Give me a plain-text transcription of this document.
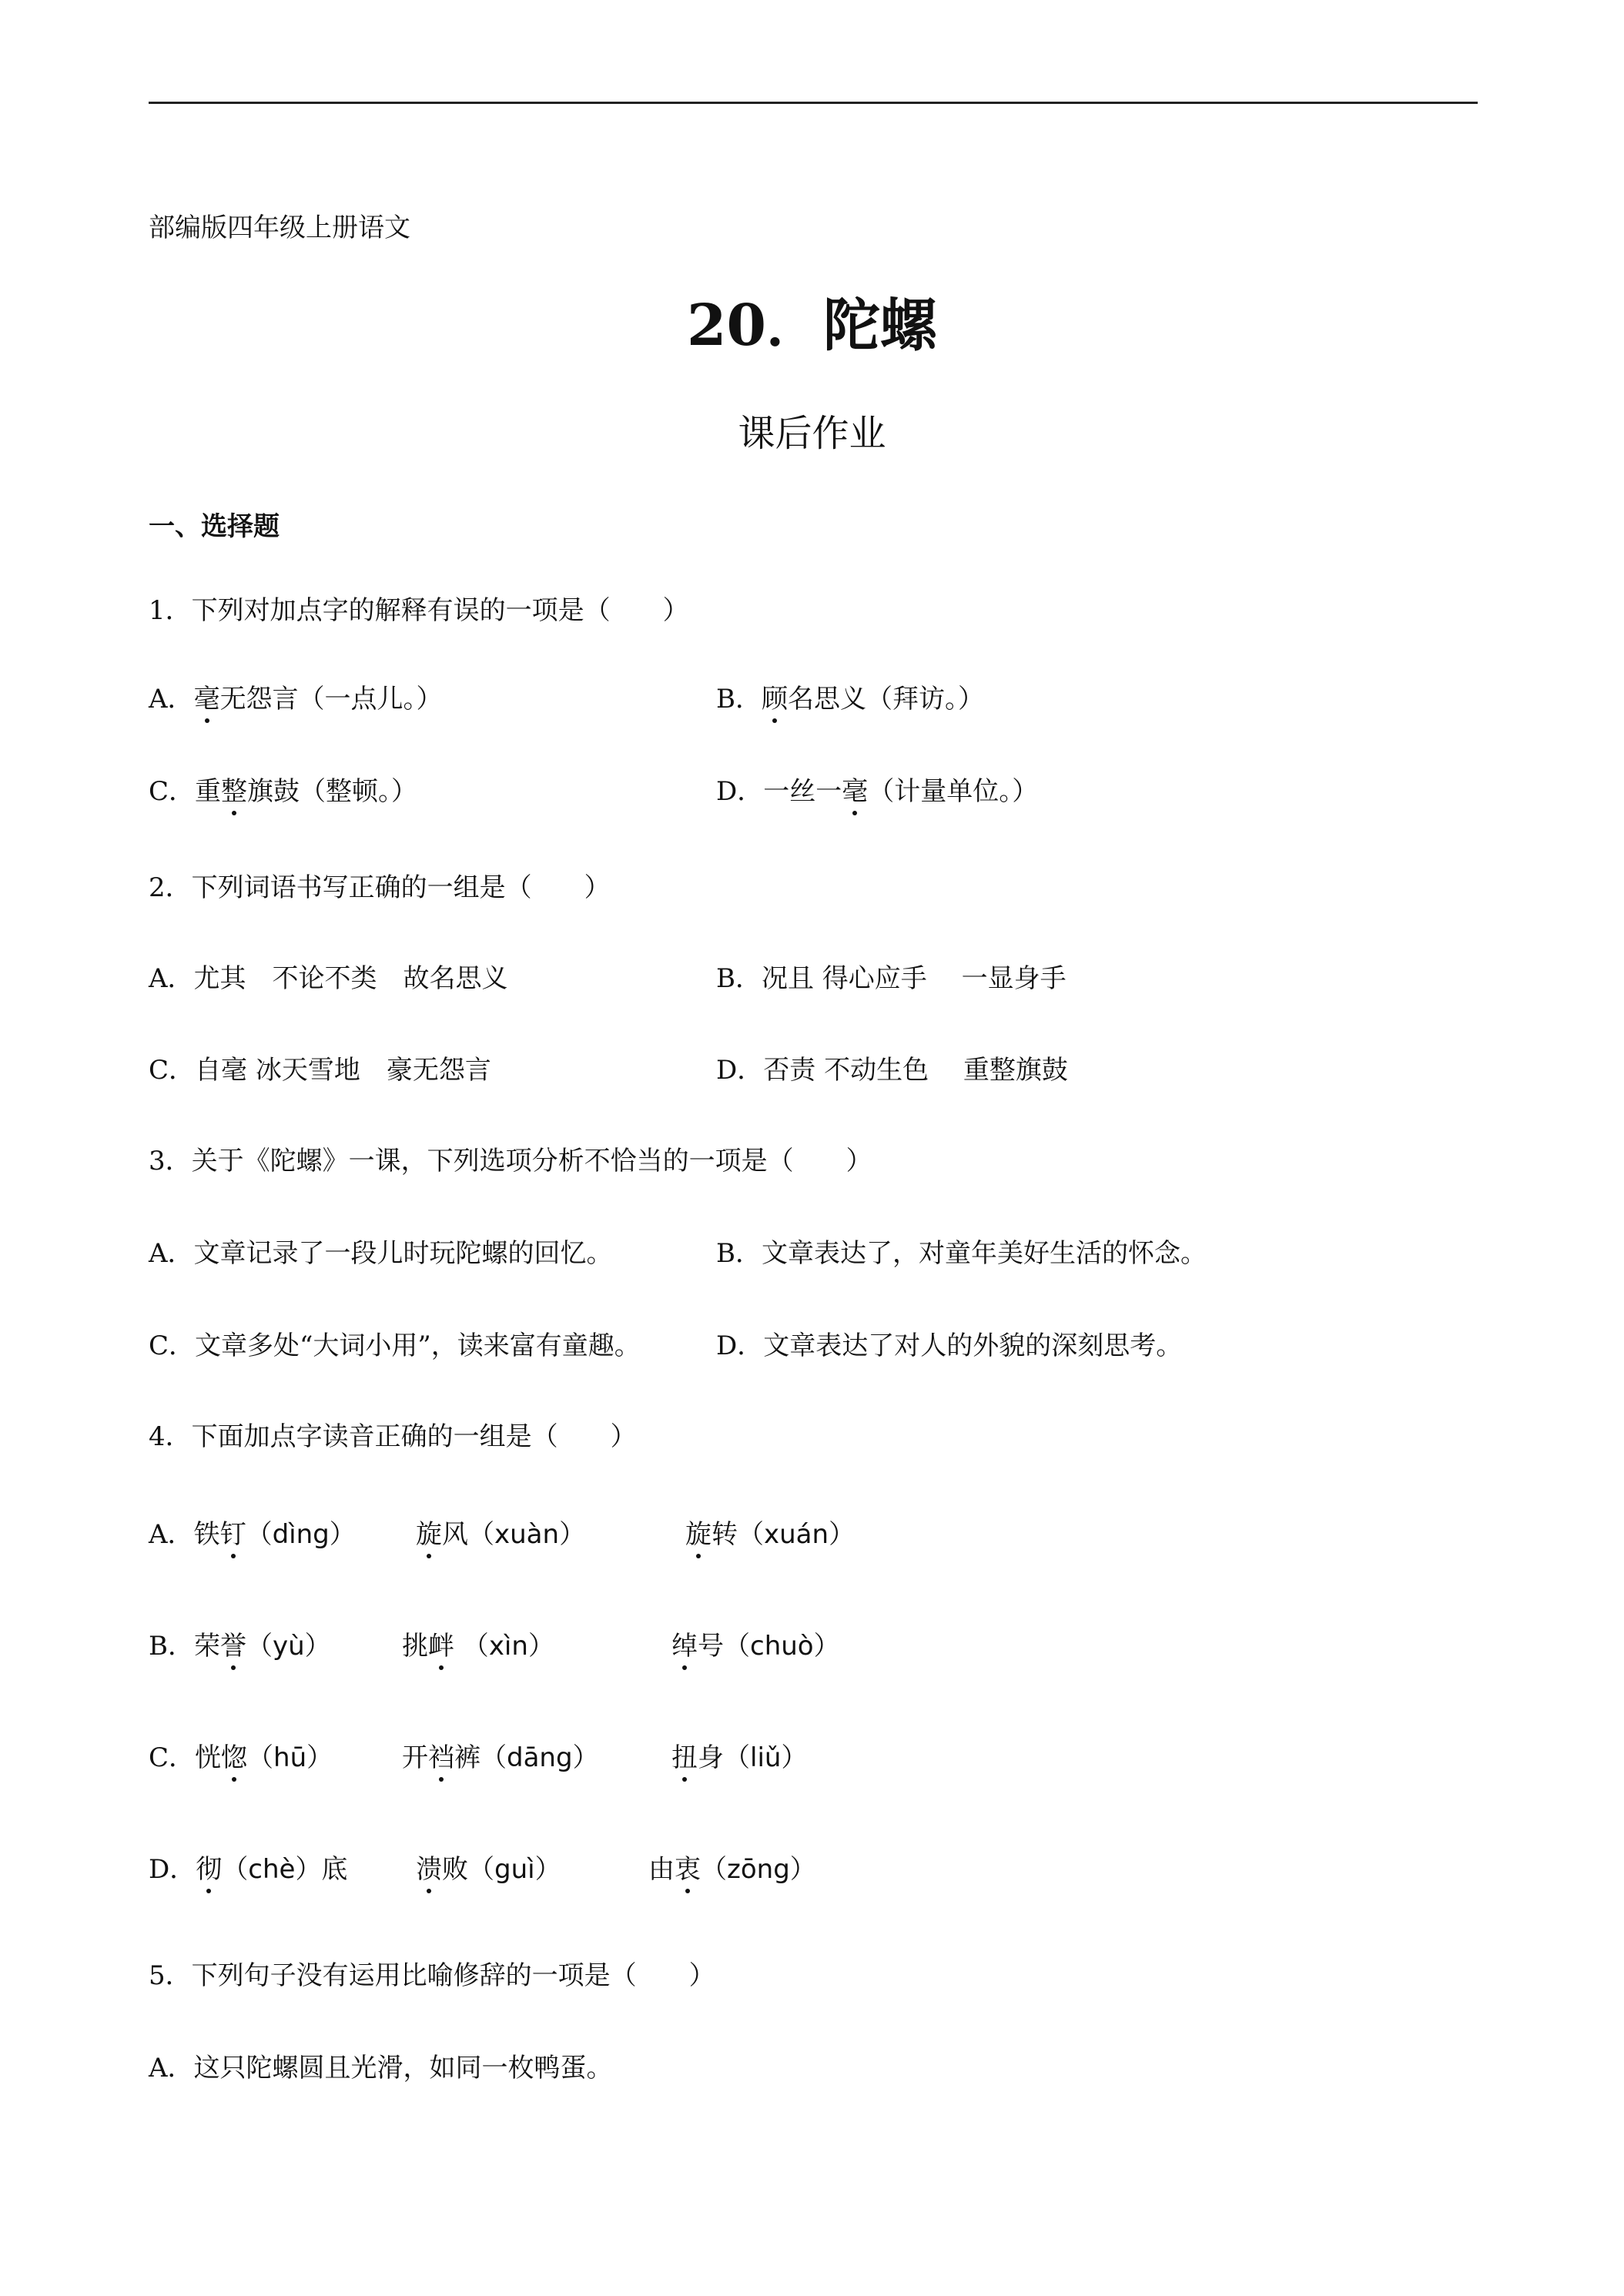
部编版四年级上册语文
20．陀螺
课后作业
一、选择题
1．下列对加点字的解释有误的一项是（　　）
A．毫无怨言（一点儿。）	B．顾名思义（拜访。）
C．重整旗鼓（整顿。）	D．一丝一毫（计量单位。）
2．下列词语书写正确的一组是（　　）
A．尤其　不论不类　故名思义	B．况且 得心应手　 一显身手
C．自毫 冰天雪地　豪无怨言	D．否责 不动生色　 重整旗鼓
3．关于《陀螺》一课，下列选项分析不恰当的一项是（　　）
A．文章记录了一段儿时玩陀螺的回忆。	B．文章表达了，对童年美好生活的怀念。
C．文章多处“大词小用”，读来富有童趣。	D．文章表达了对人的外貌的深刻思考。
4．下面加点字读音正确的一组是（　　）
A．铁钉（dìng） 旋风（xuàn）	旋转（xuán）
B．荣誉（yù）	挑衅 （xìn）	绰号（chuò）
C．恍惚（hū）	开裆裤（dāng）	扭身（liǔ）
D．彻（chè）底	溃败（guì）	由衷（zōng）
5．下列句子没有运用比喻修辞的一项是（　　）
A．这只陀螺圆且光滑，如同一枚鸭蛋。
